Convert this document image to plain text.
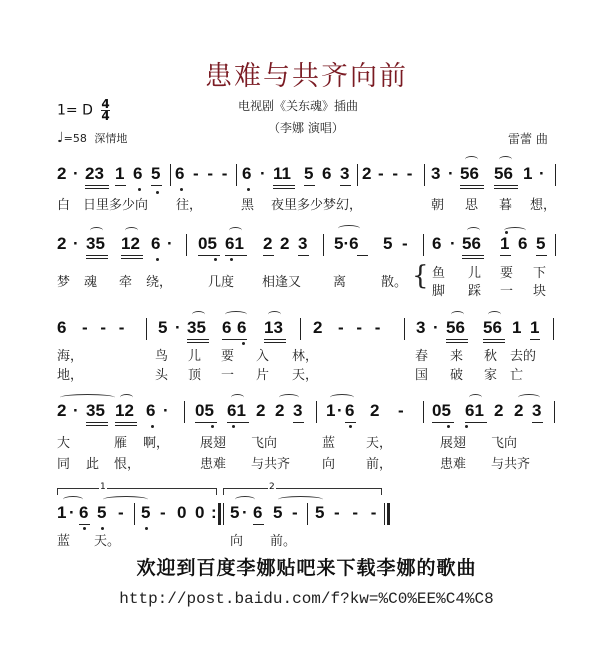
患难与共齐向前
电视剧《关东魂》插曲
（李娜 演唱）
雷蕾 曲
1= D $\frac{4}{4}$
♩=58 深情地
2 · 23 1 6 5 6 - - - 6 · 11 5 6 3 2 - - - 3 · 56 56 1 ·
白 日里多少向 往，	黑 夜里多少梦幻，	朝 思 暮 想，
2 · 35 12 6 · 05 61 2 2 3 5·6 5 - 6 · 56 1 6 5
梦 魂 牵 绕，	几度 相逢又 离	散。 { 鱼 儿 要 下
脚 踩 一 块
6 - - - 5 · 35 6 6 13 2 - - - 3 · 56 56 1 1
海，	鸟 儿 要 入 林，	春 来 秋 去的
地，	头 顶 一 片 天，	国 破 家 亡
2 · 35 12 6 · 05 61 2 2 3 1 · 6 2 - 05 61 2 2 3
大	雁 啊， 展翅 飞向	蓝 天，	展翅 飞向
同 此 恨，	患难 与共齐 向 前，	患难 与共齐
1	2
1 · 6 5 - 5 - 0 0 : 5 · 6 5 - 5 - - -
蓝 天。	向 前。
欢迎到百度李娜贴吧来下载李娜的歌曲
http://post.baidu.com/f?kw=%C0%EE%C4%C8
